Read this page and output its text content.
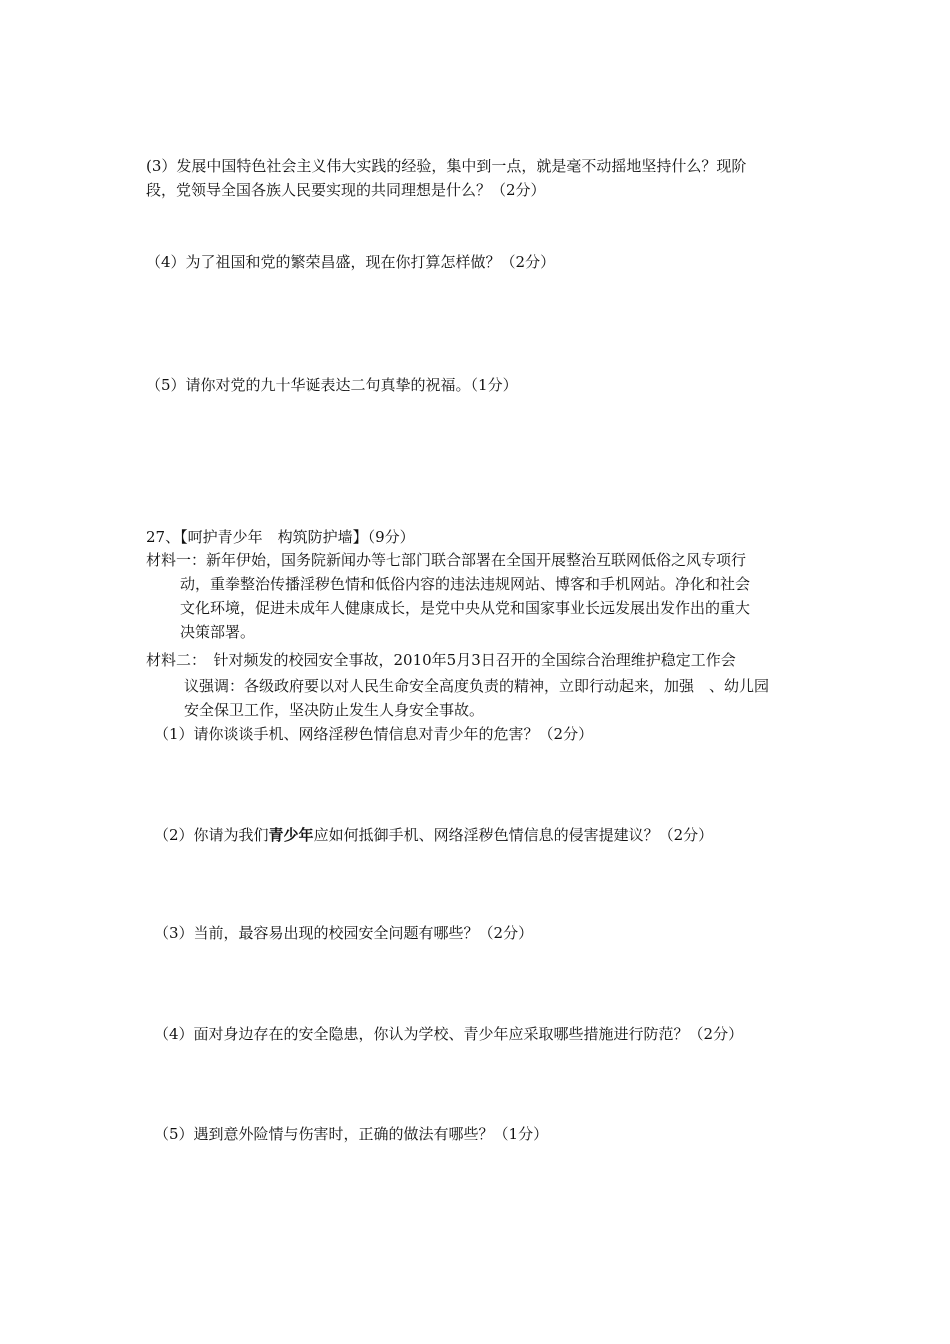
(3）发展中国特色社会主义伟大实践的经验，集中到一点，就是毫不动摇地坚持什么？现阶

段，党领导全国各族人民要实现的共同理想是什么？（2分）

（4）为了祖国和党的繁荣昌盛，现在你打算怎样做？（2分）

（5）请你对党的九十华诞表达二句真挚的祝福。（1分）

27、【呵护青少年　构筑防护墙】（9分）

材料一：新年伊始，国务院新闻办等七部门联合部署在全国开展整治互联网低俗之风专项行

动，重拳整治传播淫秽色情和低俗内容的违法违规网站、博客和手机网站。净化和社会

文化环境，促进未成年人健康成长，是党中央从党和国家事业长远发展出发作出的重大

决策部署。

材料二：　针对频发的校园安全事故，2010年5月3日召开的全国综合治理维护稳定工作会

议强调：各级政府要以对人民生命安全高度负责的精神，立即行动起来，加强　、幼儿园

安全保卫工作，坚决防止发生人身安全事故。

（1）请你谈谈手机、网络淫秽色情信息对青少年的危害？（2分）

（2）你请为我们青少年应如何抵御手机、网络淫秽色情信息的侵害提建议？（2分）

（3）当前，最容易出现的校园安全问题有哪些？（2分）

（4）面对身边存在的安全隐患，你认为学校、青少年应采取哪些措施进行防范？（2分）

（5）遇到意外险情与伤害时，正确的做法有哪些？（1分）
